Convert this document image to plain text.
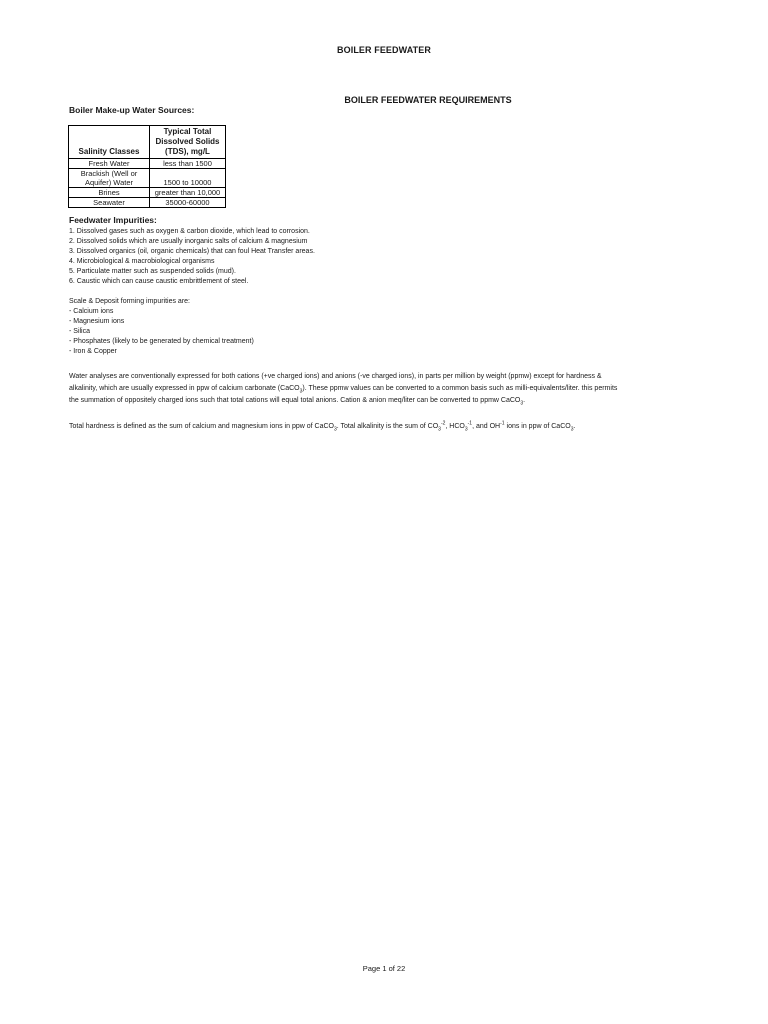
BOILER FEEDWATER
BOILER FEEDWATER REQUIREMENTS
Boiler Make-up Water Sources:
Salinity Classes	Typical Total Dissolved Solids (TDS), mg/L
Fresh Water	less than 1500
Brackish (Well or Aquifer) Water	1500 to 10000
Brines	greater than 10,000
Seawater	35000-60000
Feedwater Impurities:
1. Dissolved gases such as oxygen & carbon dioxide, which lead to corrosion.
2. Dissolved solids which are usually inorganic salts of calcium & magnesium
3. Dissolved organics (oil, organic chemicals) that can foul Heat Transfer areas.
4. Microbiological & macrobiological organisms
5. Particulate matter such as suspended solids (mud).
6. Caustic which can cause caustic embrittlement of steel.
Scale & Deposit forming impurities are:
- Calcium ions
- Magnesium ions
- Silica
- Phosphates (likely to be generated by chemical treatment)
- Iron & Copper

Water analyses are conventionally expressed for both cations (+ve charged ions) and anions (-ve charged ions), in parts per million by weight (ppmw) except for hardness & alkalinity, which are usually expressed in ppw of calcium carbonate (CaCO$_3$). These ppmw values can be converted to a common basis such as milli-equivalents/liter. this permits the summation of oppositely charged ions such that total cations will equal total anions. Cation & anion meq/liter can be converted to ppmw CaCO$_3$.

Total hardness is defined as the sum of calcium and magnesium ions in ppw of CaCO$_3$. Total alkalinity is the sum of $CO_3^{-2}$, $HCO_3^{-1}$, and $OH^{-1}$ ions in ppw of CaCO$_3$.

Page 1 of 22
